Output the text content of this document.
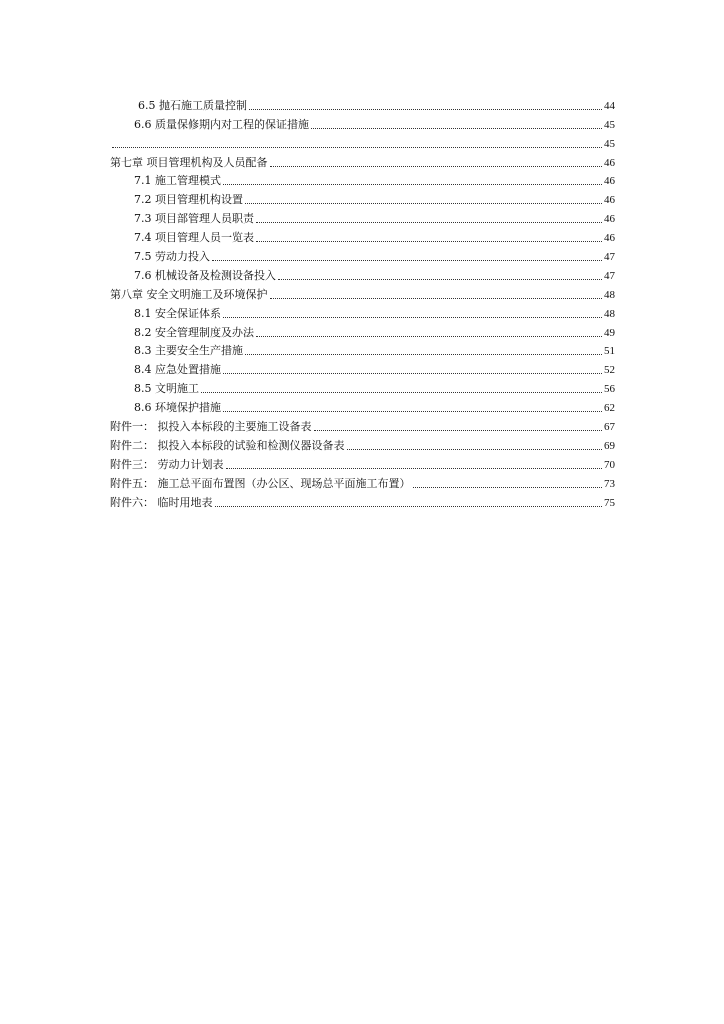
6.5 抛石施工质量控制	44
6.6 质量保修期内对工程的保证措施	45
45
第七章 项目管理机构及人员配备	46
7.1 施工管理模式	46
7.2 项目管理机构设置	46
7.3 项目部管理人员职责	46
7.4 项目管理人员一览表	46
7.5 劳动力投入	47
7.6 机械设备及检测设备投入	47
第八章 安全文明施工及环境保护	48
8.1 安全保证体系	48
8.2 安全管理制度及办法	49
8.3 主要安全生产措施	51
8.4 应急处置措施	52
8.5 文明施工	56
8.6 环境保护措施	62
附件一： 拟投入本标段的主要施工设备表	67
附件二： 拟投入本标段的试验和检测仪器设备表	69
附件三： 劳动力计划表	70
附件五： 施工总平面布置图（办公区、现场总平面施工布置）	73
附件六： 临时用地表	75
